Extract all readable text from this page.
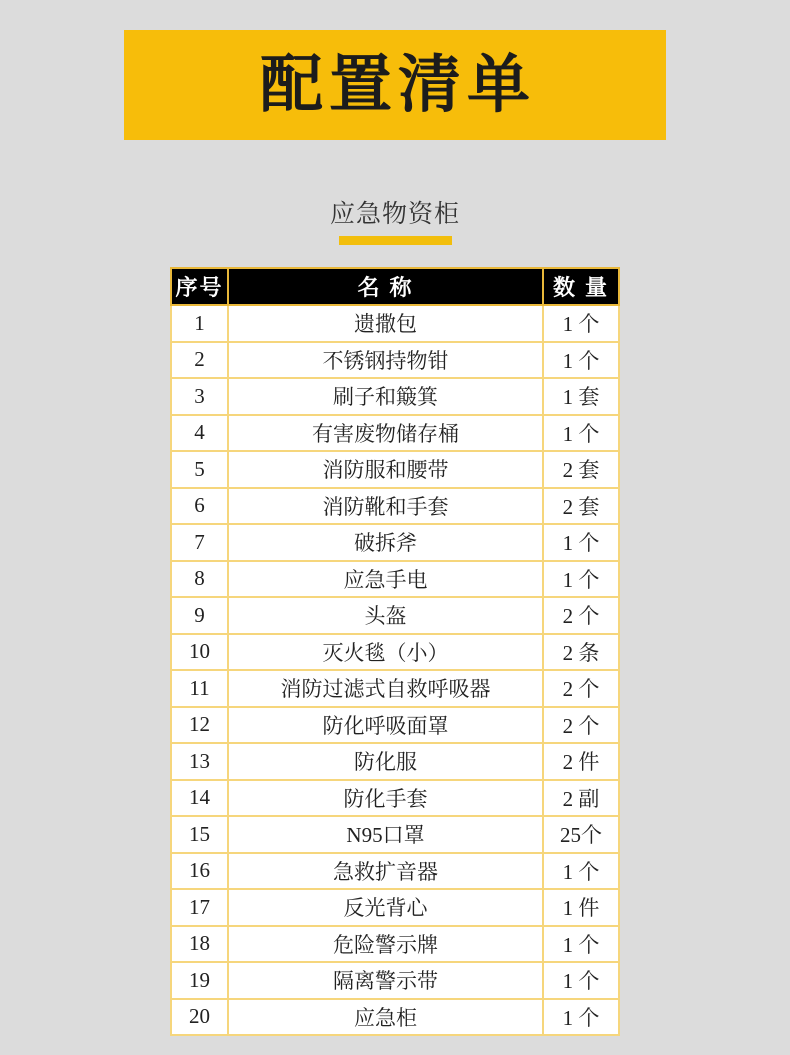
配置清单
应急物资柜
序号	名 称	数 量
1	遗撒包	1 个
2	不锈钢持物钳	1 个
3	刷子和簸箕	1 套
4	有害废物储存桶	1 个
5	消防服和腰带	2 套
6	消防靴和手套	2 套
7	破拆斧	1 个
8	应急手电	1 个
9	头盔	2 个
10	灭火毯（小）	2 条
11	消防过滤式自救呼吸器	2 个
12	防化呼吸面罩	2 个
13	防化服	2 件
14	防化手套	2 副
15	N95口罩	25个
16	急救扩音器	1 个
17	反光背心	1 件
18	危险警示牌	1 个
19	隔离警示带	1 个
20	应急柜	1 个
